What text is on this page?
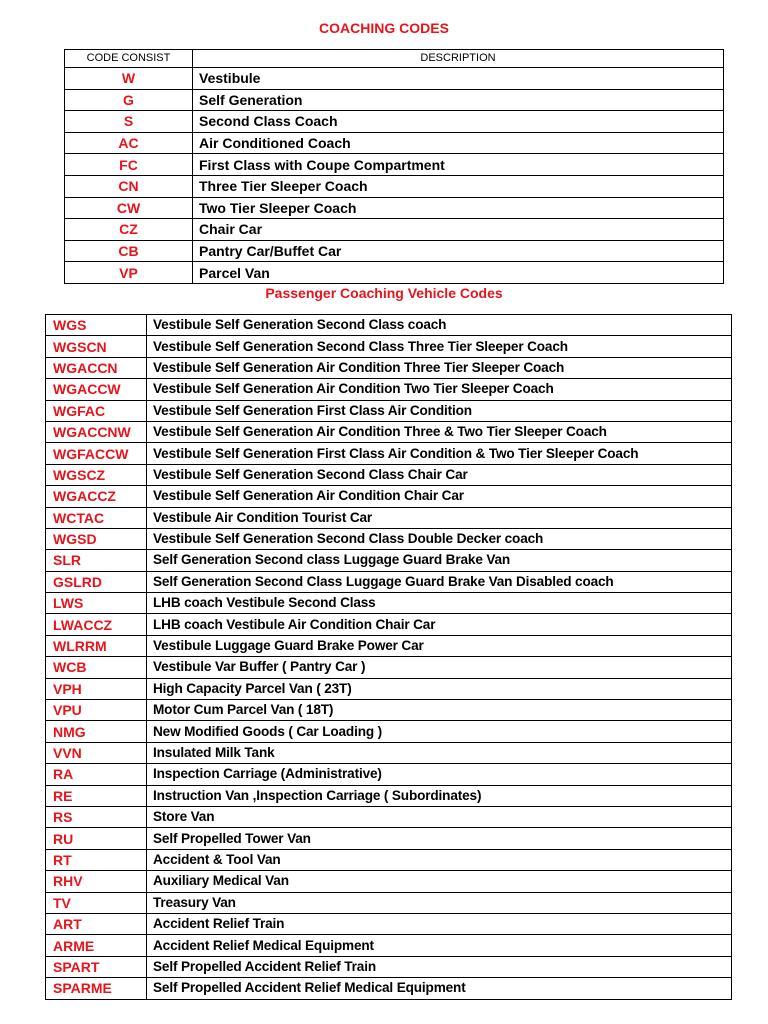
COACHING CODES
CODE CONSIST	DESCRIPTION
W	Vestibule
G	Self Generation
S	Second Class Coach
AC	Air Conditioned Coach
FC	First Class with Coupe Compartment
CN	Three Tier Sleeper Coach
CW	Two Tier Sleeper Coach
CZ	Chair Car
CB	Pantry Car/Buffet Car
VP	Parcel Van
Passenger Coaching Vehicle Codes
WGS	Vestibule Self Generation Second Class coach
WGSCN	Vestibule Self Generation Second Class Three Tier Sleeper Coach
WGACCN	Vestibule Self Generation Air Condition Three Tier Sleeper Coach
WGACCW	Vestibule Self Generation Air Condition Two Tier Sleeper Coach
WGFAC	Vestibule Self Generation First Class Air Condition
WGACCNW	Vestibule Self Generation Air Condition Three & Two Tier Sleeper Coach
WGFACCW	Vestibule Self Generation First Class Air Condition & Two Tier Sleeper Coach
WGSCZ	Vestibule Self Generation Second Class Chair Car
WGACCZ	Vestibule Self Generation Air Condition Chair Car
WCTAC	Vestibule Air Condition Tourist Car
WGSD	Vestibule Self Generation Second Class Double Decker coach
SLR	Self Generation Second class Luggage Guard Brake Van
GSLRD	Self Generation Second Class Luggage Guard Brake Van Disabled coach
LWS	LHB coach Vestibule Second Class
LWACCZ	LHB coach Vestibule Air Condition Chair Car
WLRRM	Vestibule Luggage Guard Brake Power Car
WCB	Vestibule Var Buffer ( Pantry Car )
VPH	High Capacity Parcel Van ( 23T)
VPU	Motor Cum Parcel Van ( 18T)
NMG	New Modified Goods ( Car Loading )
VVN	Insulated Milk Tank
RA	Inspection Carriage (Administrative)
RE	Instruction Van ,Inspection Carriage ( Subordinates)
RS	Store Van
RU	Self Propelled Tower Van
RT	Accident & Tool Van
RHV	Auxiliary Medical Van
TV	Treasury Van
ART	Accident Relief Train
ARME	Accident Relief Medical Equipment
SPART	Self Propelled Accident Relief Train
SPARME	Self Propelled Accident Relief Medical Equipment
